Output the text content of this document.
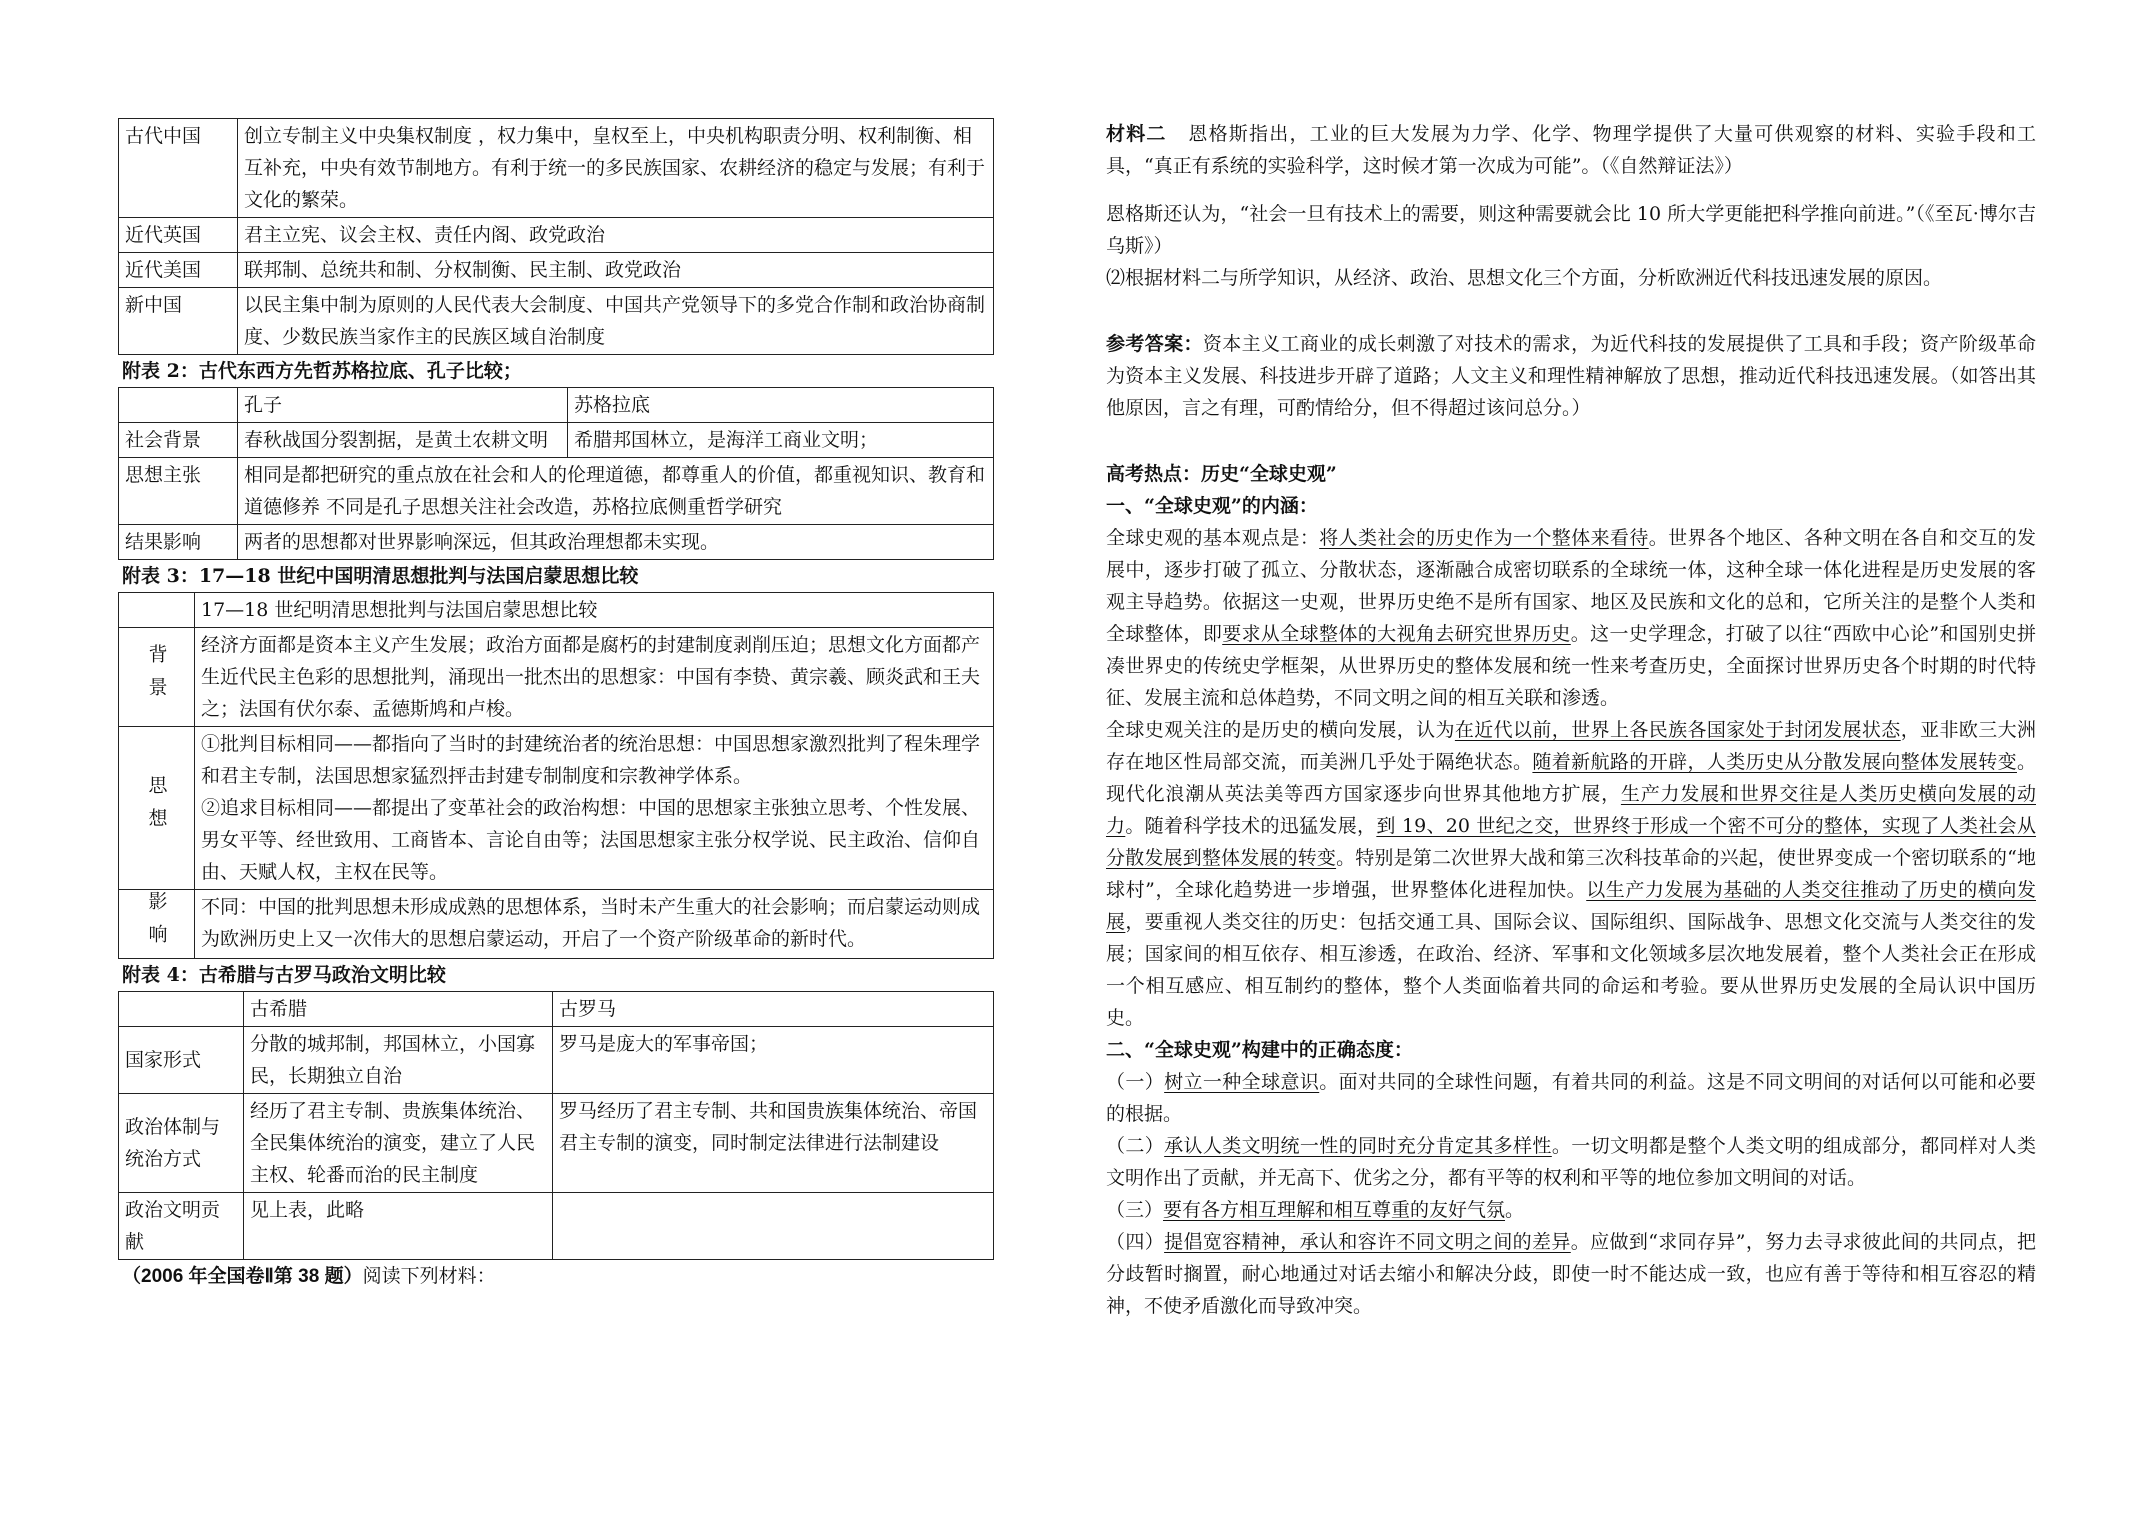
古代中国	创立专制主义中央集权制度 ，权力集中，皇权至上，中央机构职责分明、权利制衡、相互补充，中央有效节制地方。有利于统一的多民族国家、农耕经济的稳定与发展；有利于文化的繁荣。
近代英国	君主立宪、议会主权、责任内阁、政党政治
近代美国	联邦制、总统共和制、分权制衡、民主制、政党政治
新中国	以民主集中制为原则的人民代表大会制度、中国共产党领导下的多党合作制和政治协商制度、少数民族当家作主的民族区域自治制度

附表 2：古代东西方先哲苏格拉底、孔子比较；

	孔子	苏格拉底
社会背景	春秋战国分裂割据，是黄土农耕文明	希腊邦国林立，是海洋工商业文明；
思想主张	相同是都把研究的重点放在社会和人的伦理道德，都尊重人的价值，都重视知识、教育和道德修养 不同是孔子思想关注社会改造，苏格拉底侧重哲学研究	
结果影响	两者的思想都对世界影响深远，但其政治理想都未实现。	

附表 3：17—18 世纪中国明清思想批判与法国启蒙思想比较

	17—18 世纪明清思想批判与法国启蒙思想比较
背景	经济方面都是资本主义产生发展；政治方面都是腐朽的封建制度剥削压迫；思想文化方面都产生近代民主色彩的思想批判，涌现出一批杰出的思想家：中国有李贽、黄宗羲、顾炎武和王夫之；法国有伏尔泰、孟德斯鸠和卢梭。
思想	①批判目标相同——都指向了当时的封建统治者的统治思想：中国思想家激烈批判了程朱理学和君主专制，法国思想家猛烈抨击封建专制制度和宗教神学体系。
②追求目标相同——都提出了变革社会的政治构想：中国的思想家主张独立思考、个性发展、男女平等、经世致用、工商皆本、言论自由等；法国思想家主张分权学说、民主政治、信仰自由、天赋人权，主权在民等。

影响	不同：中国的批判思想未形成成熟的思想体系，当时未产生重大的社会影响；而启蒙运动则成为欧洲历史上又一次伟大的思想启蒙运动，开启了一个资产阶级革命的新时代。

附表 4：古希腊与古罗马政治文明比较

	古希腊	古罗马
国家形式	分散的城邦制，邦国林立，小国寡民，长期独立自治	罗马是庞大的军事帝国；
政治体制与统治方式	经历了君主专制、贵族集体统治、全民集体统治的演变，建立了人民主权、轮番而治的民主制度	罗马经历了君主专制、共和国贵族集体统治、帝国君主专制的演变，同时制定法律进行法制建设
政治文明贡献	见上表，此略	

（2006 年全国卷Ⅱ第 38 题）阅读下列材料：

材料二 恩格斯指出，工业的巨大发展为力学、化学、物理学提供了大量可供观察的材料、实验手段和工具，“真正有系统的实验科学，这时候才第一次成为可能”。（《自然辩证法》）

恩格斯还认为，“社会一旦有技术上的需要，则这种需要就会比 10 所大学更能把科学推向前进。”（《至瓦·博尔吉乌斯》）

⑵根据材料二与所学知识，从经济、政治、思想文化三个方面，分析欧洲近代科技迅速发展的原因。

参考答案：资本主义工商业的成长刺激了对技术的需求，为近代科技的发展提供了工具和手段；资产阶级革命为资本主义发展、科技进步开辟了道路；人文主义和理性精神解放了思想，推动近代科技迅速发展。（如答出其他原因，言之有理，可酌情给分，但不得超过该问总分。）

高考热点：历史“全球史观”

一、“全球史观”的内涵：

全球史观的基本观点是：将人类社会的历史作为一个整体来看待。世界各个地区、各种文明在各自和交互的发展中，逐步打破了孤立、分散状态，逐渐融合成密切联系的全球统一体，这种全球一体化进程是历史发展的客观主导趋势。依据这一史观，世界历史绝不是所有国家、地区及民族和文化的总和，它所关注的是整个人类和全球整体，即要求从全球整体的大视角去研究世界历史。这一史学理念，打破了以往“西欧中心论”和国别史拼凑世界史的传统史学框架，从世界历史的整体发展和统一性来考查历史，全面探讨世界历史各个时期的时代特征、发展主流和总体趋势，不同文明之间的相互关联和渗透。

全球史观关注的是历史的横向发展，认为在近代以前，世界上各民族各国家处于封闭发展状态，亚非欧三大洲存在地区性局部交流，而美洲几乎处于隔绝状态。随着新航路的开辟，人类历史从分散发展向整体发展转变。现代化浪潮从英法美等西方国家逐步向世界其他地方扩展，生产力发展和世界交往是人类历史横向发展的动力。随着科学技术的迅猛发展，到 19、20 世纪之交，世界终于形成一个密不可分的整体，实现了人类社会从分散发展到整体发展的转变。特别是第二次世界大战和第三次科技革命的兴起，使世界变成一个密切联系的“地球村”，全球化趋势进一步增强，世界整体化进程加快。以生产力发展为基础的人类交往推动了历史的横向发展，要重视人类交往的历史：包括交通工具、国际会议、国际组织、国际战争、思想文化交流与人类交往的发展；国家间的相互依存、相互渗透，在政治、经济、军事和文化领域多层次地发展着，整个人类社会正在形成一个相互感应、相互制约的整体，整个人类面临着共同的命运和考验。要从世界历史发展的全局认识中国历史。

二、“全球史观”构建中的正确态度：

（一）树立一种全球意识。面对共同的全球性问题，有着共同的利益。这是不同文明间的对话何以可能和必要的根据。

（二）承认人类文明统一性的同时充分肯定其多样性。一切文明都是整个人类文明的组成部分，都同样对人类文明作出了贡献，并无高下、优劣之分，都有平等的权利和平等的地位参加文明间的对话。

（三）要有各方相互理解和相互尊重的友好气氛。

（四）提倡宽容精神，承认和容许不同文明之间的差异。应做到“求同存异”，努力去寻求彼此间的共同点，把分歧暂时搁置，耐心地通过对话去缩小和解决分歧，即使一时不能达成一致，也应有善于等待和相互容忍的精神，不使矛盾激化而导致冲突。
